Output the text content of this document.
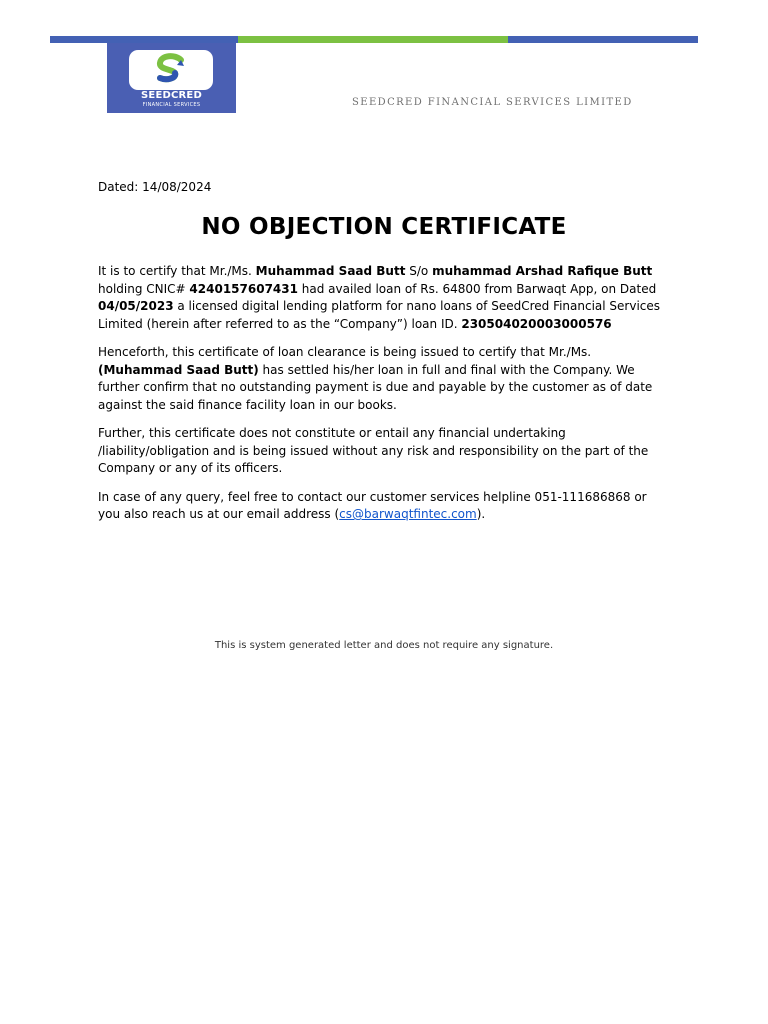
SEEDCRED
FINANCIAL SERVICES	SEEDCRED FINANCIAL SERVICES LIMITED
Dated: 14/08/2024
NO OBJECTION CERTIFICATE

It is to certify that Mr./Ms. Muhammad Saad Butt S/o muhammad Arshad Rafique Butt holding CNIC# 4240157607431 had availed loan of Rs. 64800 from Barwaqt App, on Dated 04/05/2023 a licensed digital lending platform for nano loans of SeedCred Financial Services Limited (herein after referred to as the “Company”) loan ID. 230504020003000576

Henceforth, this certificate of loan clearance is being issued to certify that Mr./Ms. (Muhammad Saad Butt) has settled his/her loan in full and final with the Company. We further confirm that no outstanding payment is due and payable by the customer as of date against the said finance facility loan in our books.

Further, this certificate does not constitute or entail any financial undertaking /liability/obligation and is being issued without any risk and responsibility on the part of the Company or any of its officers.

In case of any query, feel free to contact our customer services helpline 051-111686868 or you also reach us at our email address (cs@barwaqtfintec.com).

This is system generated letter and does not require any signature.
